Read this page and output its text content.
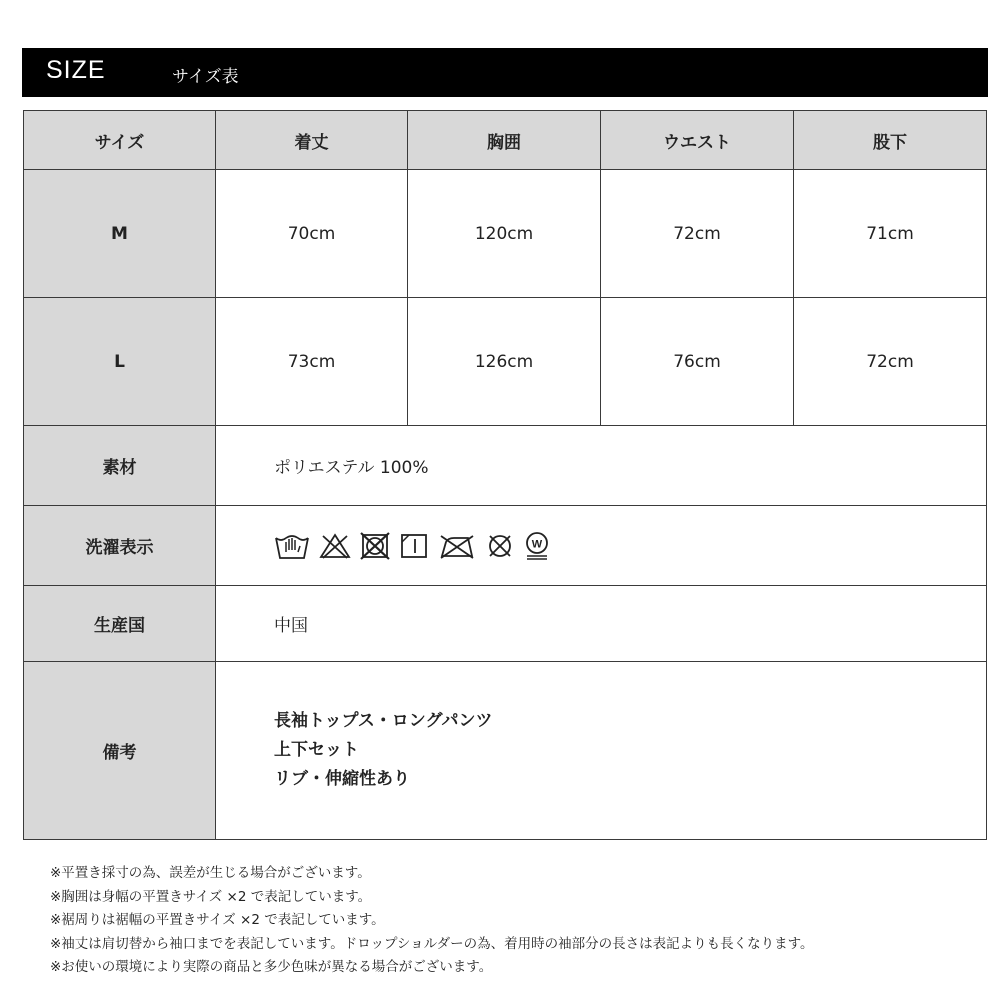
SIZE	サイズ表
サイズ	着丈	胸囲	ウエスト	股下
M	70cm	120cm	72cm	71cm
L	73cm	126cm	76cm	72cm
素材	ポリエステル 100%			
洗濯表示	W			

生産国	中国			
備考	長袖トップス・ロングパンツ
上下セット
リブ・伸縮性あり			
※平置き採寸の為、誤差が生じる場合がございます。
※胸囲は身幅の平置きサイズ ×2 で表記しています。
※裾周りは裾幅の平置きサイズ ×2 で表記しています。
※袖丈は肩切替から袖口までを表記しています。ドロップショルダーの為、着用時の袖部分の長さは表記よりも長くなります。
※お使いの環境により実際の商品と多少色味が異なる場合がございます。
